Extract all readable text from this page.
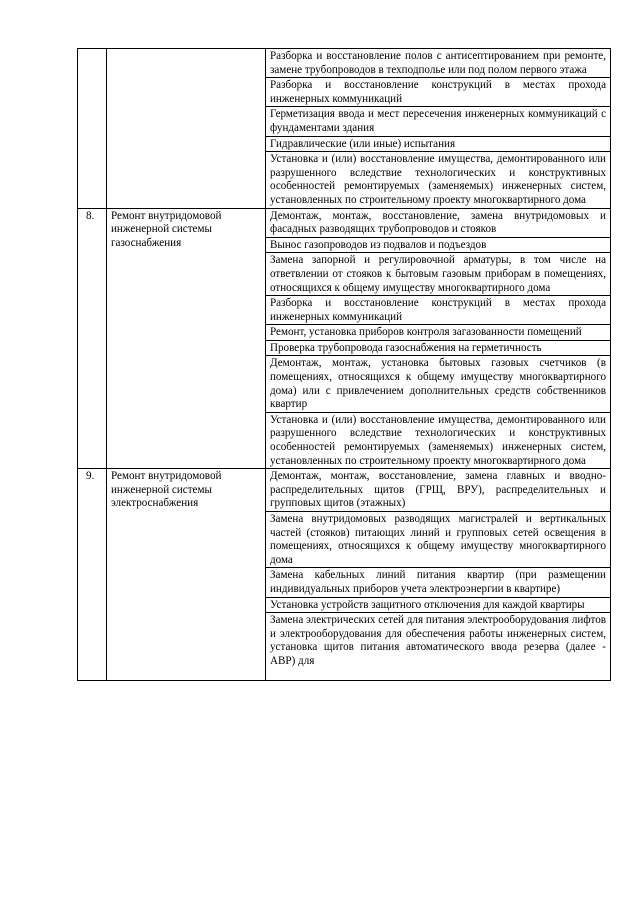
		Разборка и восстановление полов с антисептированием при ремонте, замене трубопроводов в техподполье или под полом первого этажа

		Разборка и восстановление конструкций в местах прохода инженерных коммуникаций

		Герметизация ввода и мест пересечения инженерных коммуникаций с фундаментами здания

		Гидравлические (или иные) испытания

		Установка и (или) восстановление имущества, демонтированного или разрушенного вследствие технологических и конструктивных особенностей ремонтируемых (заменяемых) инженерных систем, установленных по строительному проекту многоквартирного дома

8.	Ремонт внутридомовой инженерной системы газоснабжения	Демонтаж, монтаж, восстановление, замена внутридомовых и фасадных разводящих трубопроводов и стояков

		Вынос газопроводов из подвалов и подъездов

		Замена запорной и регулировочной арматуры, в том числе на ответвлении от стояков к бытовым газовым приборам в помещениях, относящихся к общему имуществу многоквартирного дома

		Разборка и восстановление конструкций в местах прохода инженерных коммуникаций

		Ремонт, установка приборов контроля загазованности помещений

		Проверка трубопровода газоснабжения на герметичность

		Демонтаж, монтаж, установка бытовых газовых счетчиков (в помещениях, относящихся к общему имуществу многоквартирного дома) или с привлечением дополнительных средств собственников квартир

		Установка и (или) восстановление имущества, демонтированного или разрушенного вследствие технологических и конструктивных особенностей ремонтируемых (заменяемых) инженерных систем, установленных по строительному проекту многоквартирного дома

9.	Ремонт внутридомовой инженерной системы электроснабжения	Демонтаж, монтаж, восстановление, замена главных и вводно-распределительных щитов (ГРЩ, ВРУ), распределительных и групповых щитов (этажных)

		Замена внутридомовых разводящих магистралей и вертикальных частей (стояков) питающих линий и групповых сетей освещения в помещениях, относящихся к общему имуществу многоквартирного дома

		Замена кабельных линий питания квартир (при размещении индивидуальных приборов учета электроэнергии в квартире)

		Установка устройств защитного отключения для каждой квартиры

		Замена электрических сетей для питания электрооборудования лифтов и электрооборудования для обеспечения работы инженерных систем, установка щитов питания автоматического ввода резерва (далее - АВР) для
